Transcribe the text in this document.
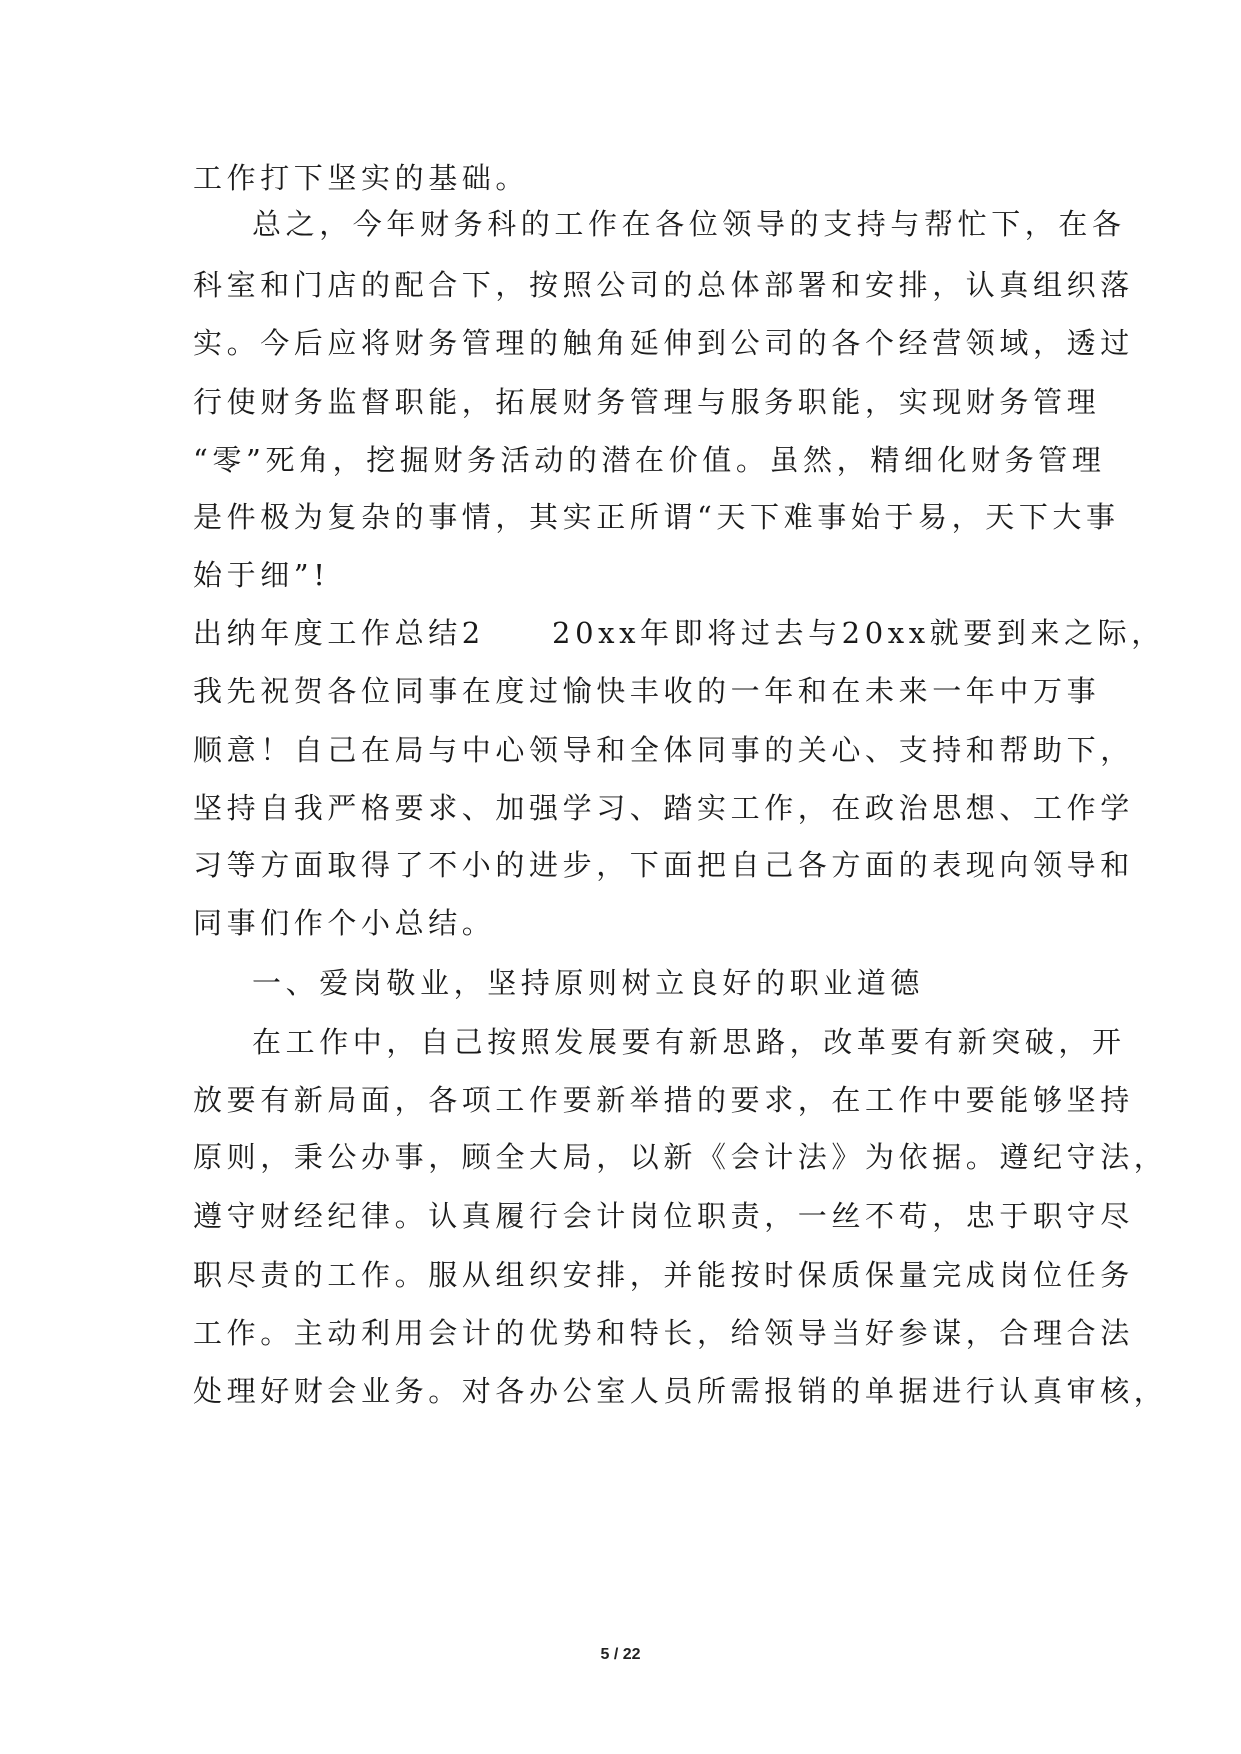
工作打下坚实的基础。

总之，今年财务科的工作在各位领导的支持与帮忙下，在各

科室和门店的配合下，按照公司的总体部署和安排，认真组织落

实。今后应将财务管理的触角延伸到公司的各个经营领域，透过

行使财务监督职能，拓展财务管理与服务职能，实现财务管理

“零”死角，挖掘财务活动的潜在价值。虽然，精细化财务管理

是件极为复杂的事情，其实正所谓“天下难事始于易，天下大事

始于细”!

出纳年度工作总结2　　20xx年即将过去与20xx就要到来之际，

我先祝贺各位同事在度过愉快丰收的一年和在未来一年中万事

顺意！自己在局与中心领导和全体同事的关心、支持和帮助下，

坚持自我严格要求、加强学习、踏实工作，在政治思想、工作学

习等方面取得了不小的进步，下面把自己各方面的表现向领导和

同事们作个小总结。

一、爱岗敬业，坚持原则树立良好的职业道德

在工作中，自己按照发展要有新思路，改革要有新突破，开

放要有新局面，各项工作要新举措的要求，在工作中要能够坚持

原则，秉公办事，顾全大局，以新《会计法》为依据。遵纪守法，

遵守财经纪律。认真履行会计岗位职责，一丝不苟，忠于职守尽

职尽责的工作。服从组织安排，并能按时保质保量完成岗位任务

工作。主动利用会计的优势和特长，给领导当好参谋，合理合法

处理好财会业务。对各办公室人员所需报销的单据进行认真审核，

5 / 22
